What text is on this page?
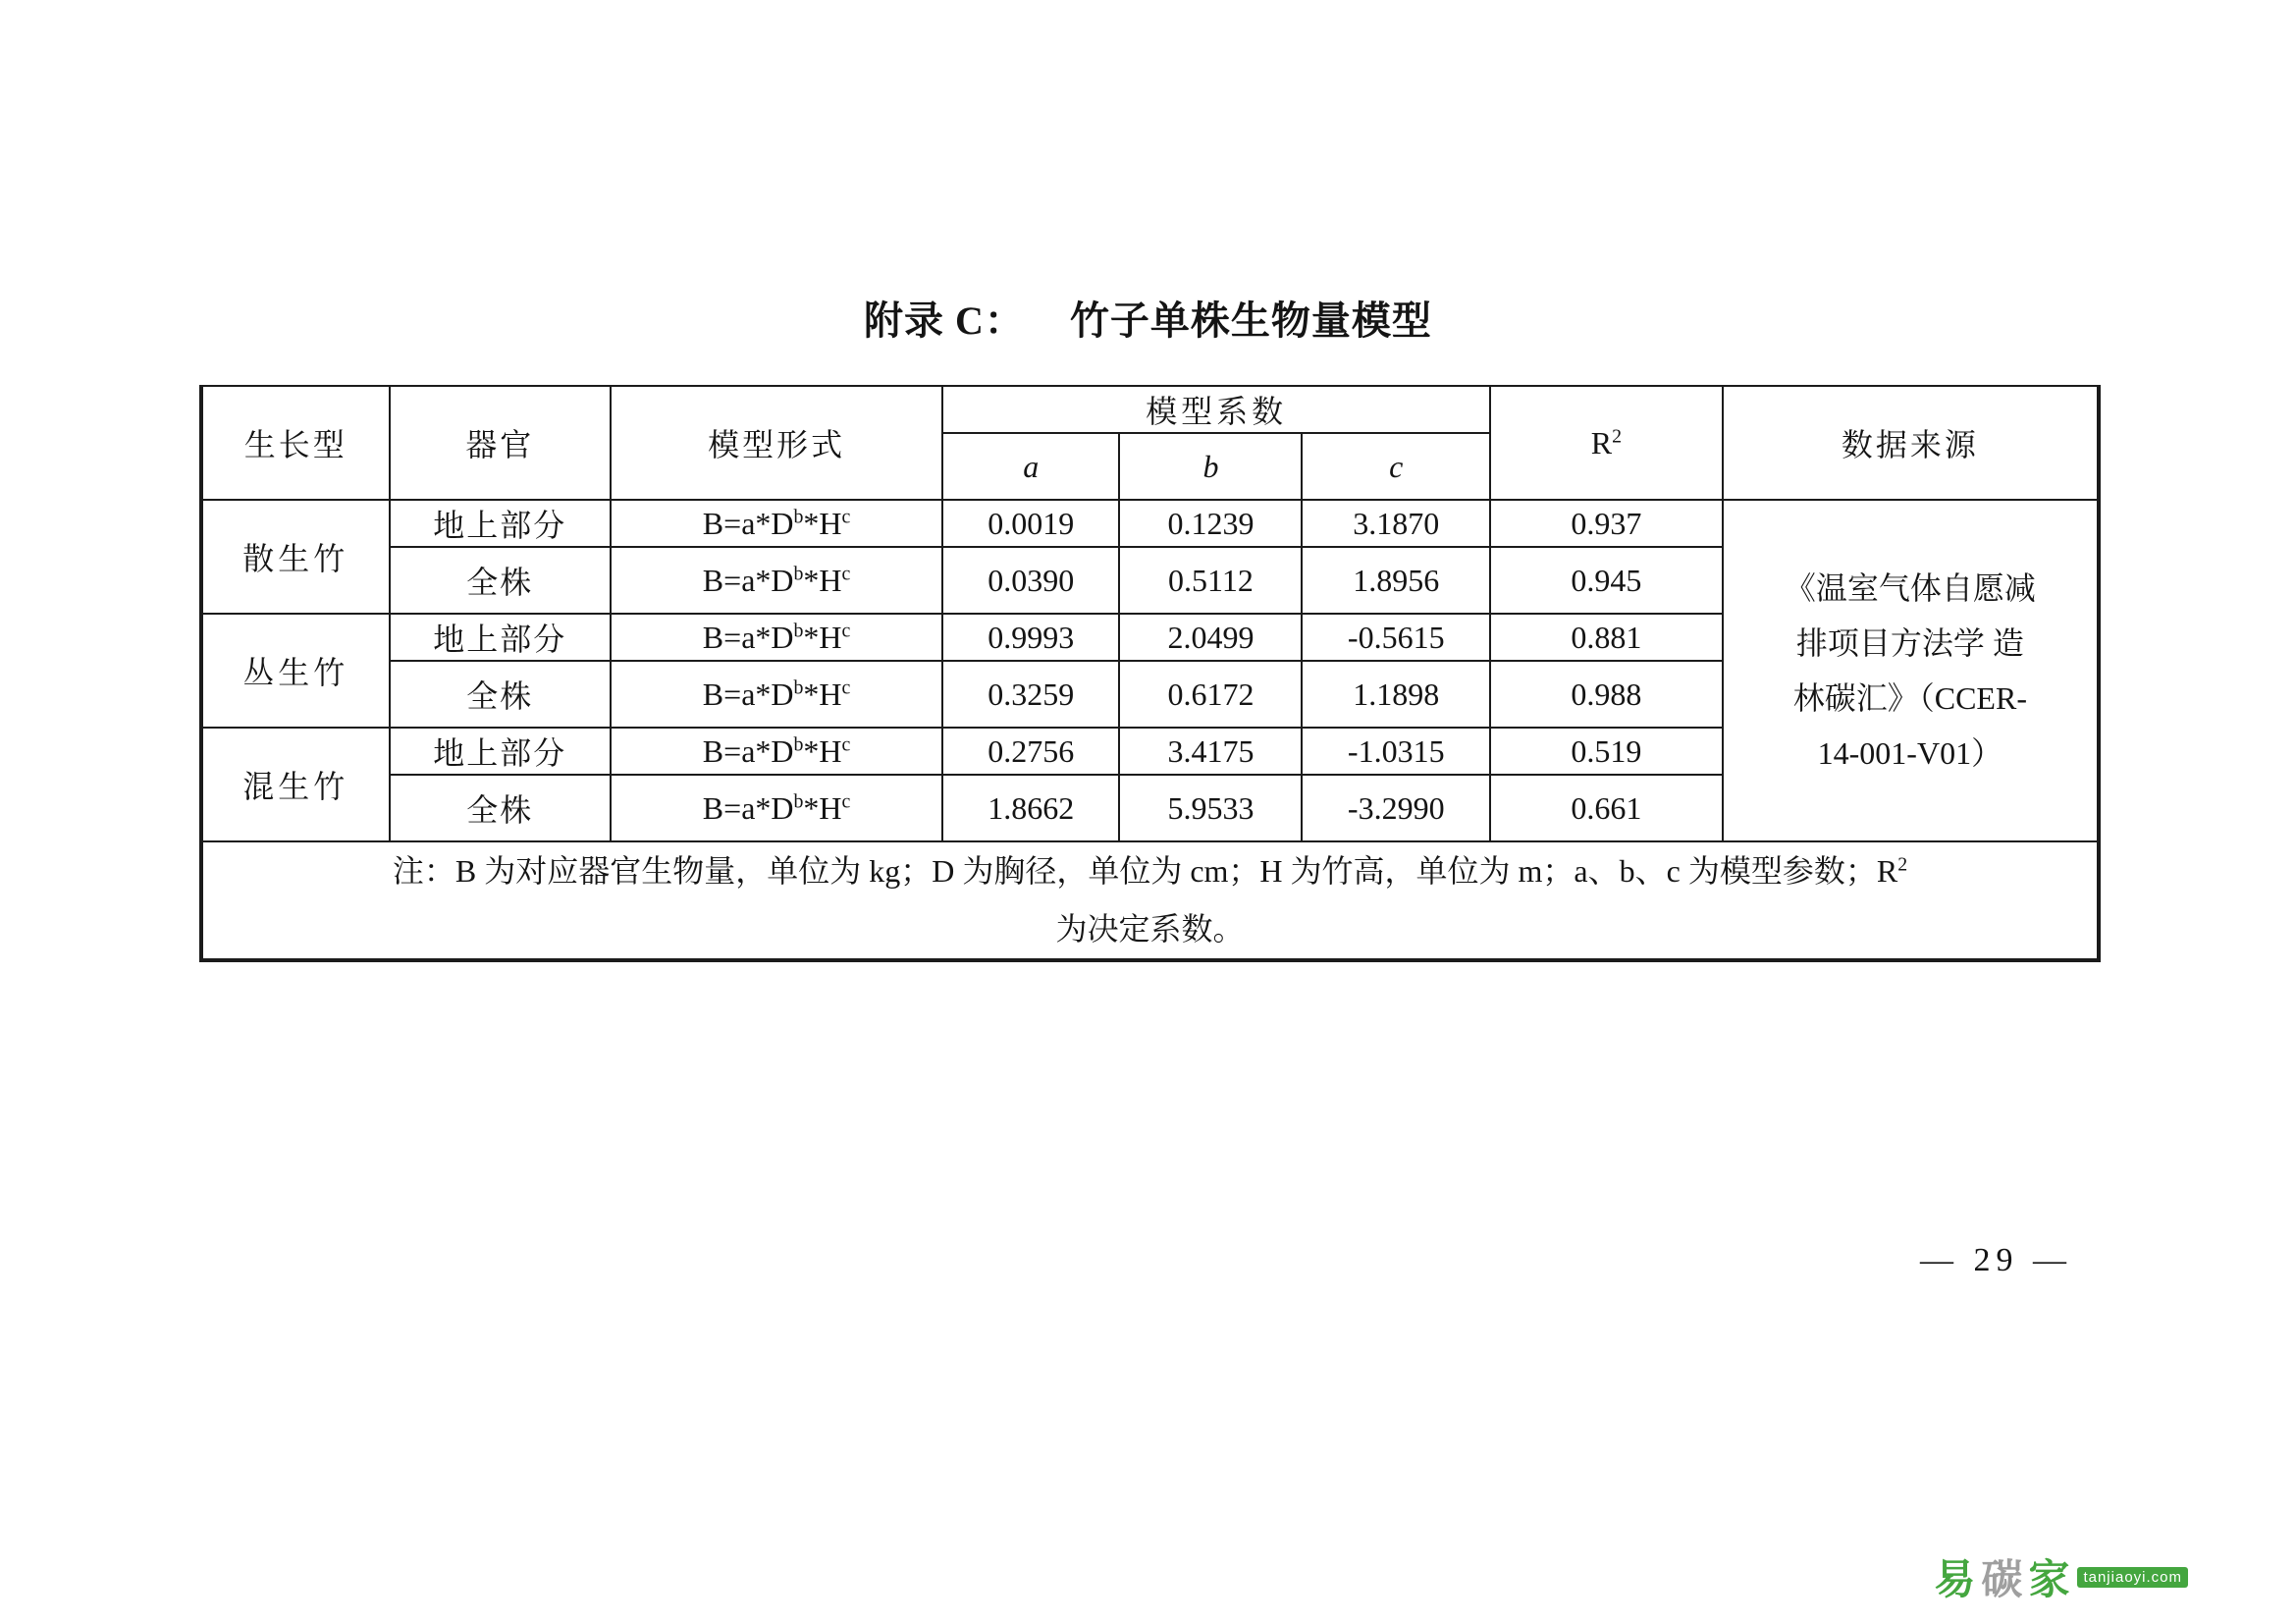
附录 C： 竹子单株生物量模型
生长型	器官	模型形式	模型系数			$R^2$	数据来源
			a	b	c		
散生竹	地上部分	$B=a*D^b*H^c$	0.0019	0.1239	3.1870	0.937	《温室气体自愿减
排项目方法学 造
林碳汇》（CCER-
14-001-V01）

	全株	$B=a*D^b*H^c$	0.0390	0.5112	1.8956	0.945	
丛生竹	地上部分	$B=a*D^b*H^c$	0.9993	2.0499	-0.5615	0.881	
	全株	$B=a*D^b*H^c$	0.3259	0.6172	1.1898	0.988	
混生竹	地上部分	$B=a*D^b*H^c$	0.2756	3.4175	-1.0315	0.519	
	全株	$B=a*D^b*H^c$	1.8662	5.9533	-3.2990	0.661	
注：B 为对应器官生物量，单位为 kg；D 为胸径，单位为 cm；H 为竹高，单位为 m；a、b、c 为模型参数；$R^2$
为决定系数。							
— 29 —
易 碳 家 tanjiaoyi.com
